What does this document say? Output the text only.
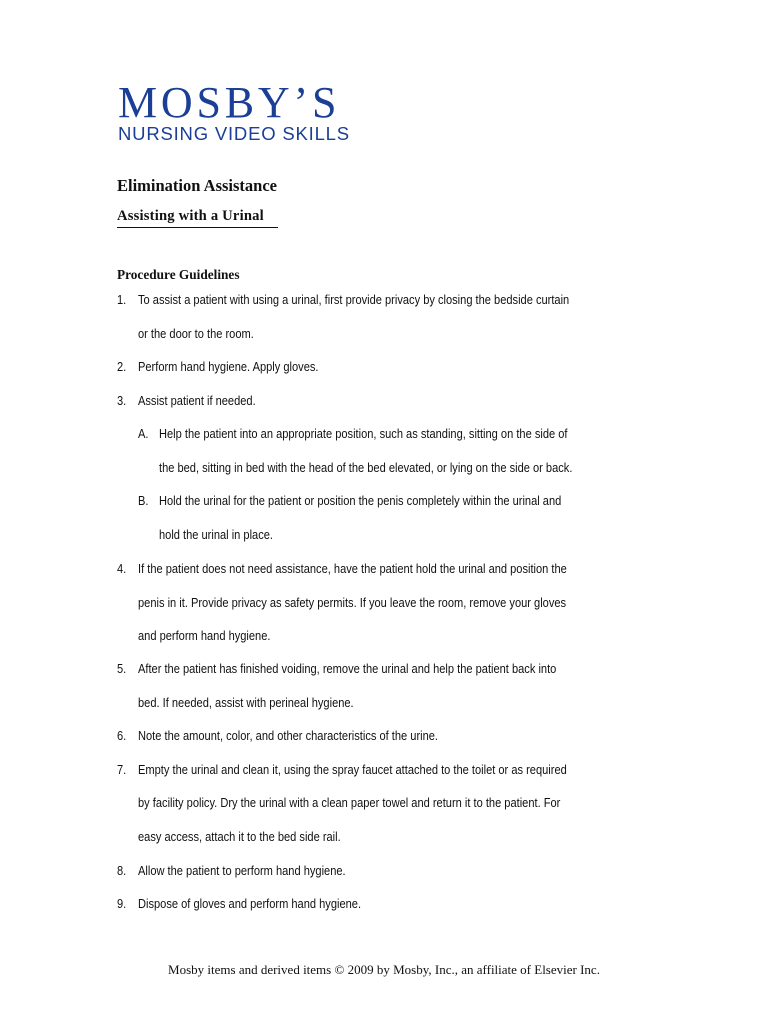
MOSBY’S
NURSING VIDEO SKILLS
Elimination Assistance
Assisting with a Urinal
Procedure Guidelines
1. To assist a patient with using a urinal, first provide privacy by closing the bedside curtain
or the door to the room.
2. Perform hand hygiene. Apply gloves.
3. Assist patient if needed.
A. Help the patient into an appropriate position, such as standing, sitting on the side of
the bed, sitting in bed with the head of the bed elevated, or lying on the side or back.
B. Hold the urinal for the patient or position the penis completely within the urinal and
hold the urinal in place.
4. If the patient does not need assistance, have the patient hold the urinal and position the
penis in it. Provide privacy as safety permits. If you leave the room, remove your gloves
and perform hand hygiene.
5. After the patient has finished voiding, remove the urinal and help the patient back into
bed. If needed, assist with perineal hygiene.
6. Note the amount, color, and other characteristics of the urine.
7. Empty the urinal and clean it, using the spray faucet attached to the toilet or as required
by facility policy. Dry the urinal with a clean paper towel and return it to the patient. For
easy access, attach it to the bed side rail.
8. Allow the patient to perform hand hygiene.
9. Dispose of gloves and perform hand hygiene.
Mosby items and derived items © 2009 by Mosby, Inc., an affiliate of Elsevier Inc.
